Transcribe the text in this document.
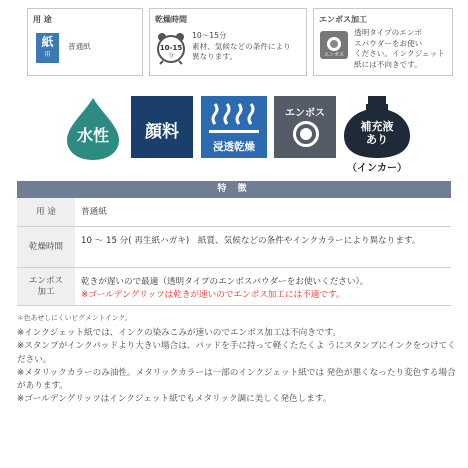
用 途
紙
用
普通紙
乾燥時間
10-15
分
10～15分
素材、気候などの条件により
異なります。
エンボス加工
エンボス
透明タイプのエンボ
スパウダーをお使い
ください。インクジェット
紙には不向きです。
水性	顔料
浸透乾燥
エンボス
補充液
あり
（インカー）
特 徴
用 途	普通紙
乾燥時間
10 ～ 15 分( 再生紙ハガキ)　紙質、気候などの条件やインクカラーにより異なります。
エンボス加工
乾きが遅いので最適（透明タイプのエンボスパウダーをお使いください）。
※ゴールデングリッツは乾きが速いのでエンボス加工には不適です。
＊色あせしにくいピグメントインク。

※インクジェット紙では、インクの染みこみが速いのでエンボス加工は不向きです。

※スタンプがインクパッドより大きい場合は、パッドを手に持って軽くたたくよ うにスタンプにインクをつけてください。

※メタリックカラーのみ油性。メタリックカラーは一部のインクジェット紙では 発色が悪くなったり変色する場合があります。

※ゴールデングリッツはインクジェット紙でもメタリック調に美しく発色します。
